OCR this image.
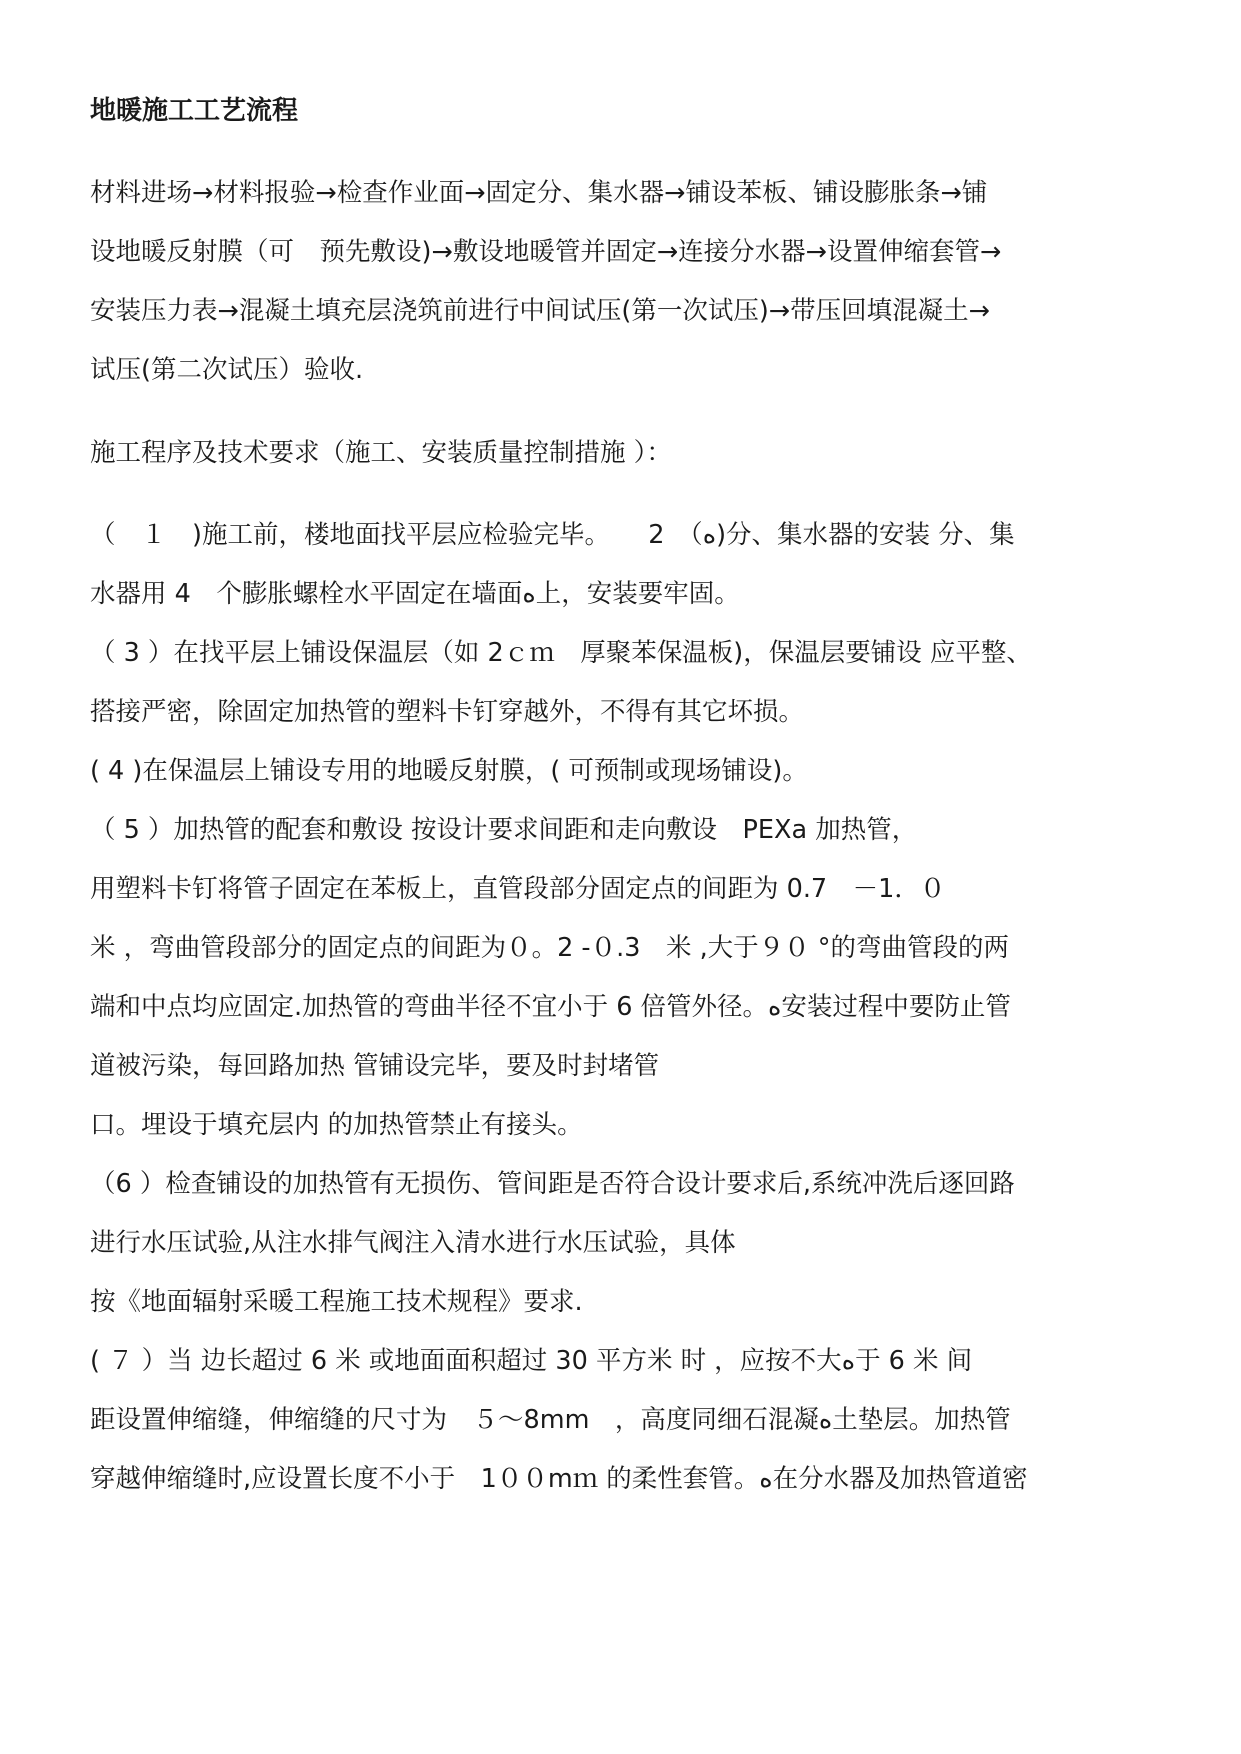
地暖施工工艺流程

材料进场→材料报验→检查作业面→固定分、集水器→铺设苯板、铺设膨胀条→铺

设地暖反射膜（可　预先敷设)→敷设地暖管并固定→连接分水器→设置伸缩套管→

安装压力表→混凝土填充层浇筑前进行中间试压(第一次试压)→带压回填混凝土→

试压(第二次试压）验收.

施工程序及技术要求（施工、安装质量控制措施 ）：

（　１　)施工前，楼地面找平层应检验完毕。　　2　（ﻩ)分、集水器的安装 分、集

水器用 4　个膨胀螺栓水平固定在墙面ﻩ上，安装要牢固。

（ 3 ）在找平层上铺设保温层（如 2ｃｍ　厚聚苯保温板)，保温层要铺设 应平整、

搭接严密，除固定加热管的塑料卡钉穿越外，不得有其它坏损。

( 4 )在保温层上铺设专用的地暖反射膜，( 可预制或现场铺设)。

（ 5 ）加热管的配套和敷设 按设计要求间距和走向敷设　PEXa 加热管，

用塑料卡钉将管子固定在苯板上，直管段部分固定点的间距为 0.7　－1．０

米 ，弯曲管段部分的固定点的间距为０。2 -０.3　米 ,大于９０ °的弯曲管段的两

端和中点均应固定.加热管的弯曲半径不宜小于 6 倍管外径。ﻩ安装过程中要防止管

道被污染，每回路加热 管铺设完毕，要及时封堵管

口。埋设于填充层内 的加热管禁止有接头。

（6 ）检查铺设的加热管有无损伤、管间距是否符合设计要求后,系统冲洗后逐回路

进行水压试验,从注水排气阀注入清水进行水压试验，具体

按《地面辐射采暖工程施工技术规程》要求.

( ７ ）当 边长超过 6 米 或地面面积超过 30 平方米 时 ，应按不大ﻩ于 6 米 间

距设置伸缩缝，伸缩缝的尺寸为　５～8mm　，高度同细石混凝ﻩ土垫层。加热管

穿越伸缩缝时,应设置长度不小于　1００mｍ 的柔性套管。ﻩ在分水器及加热管道密
